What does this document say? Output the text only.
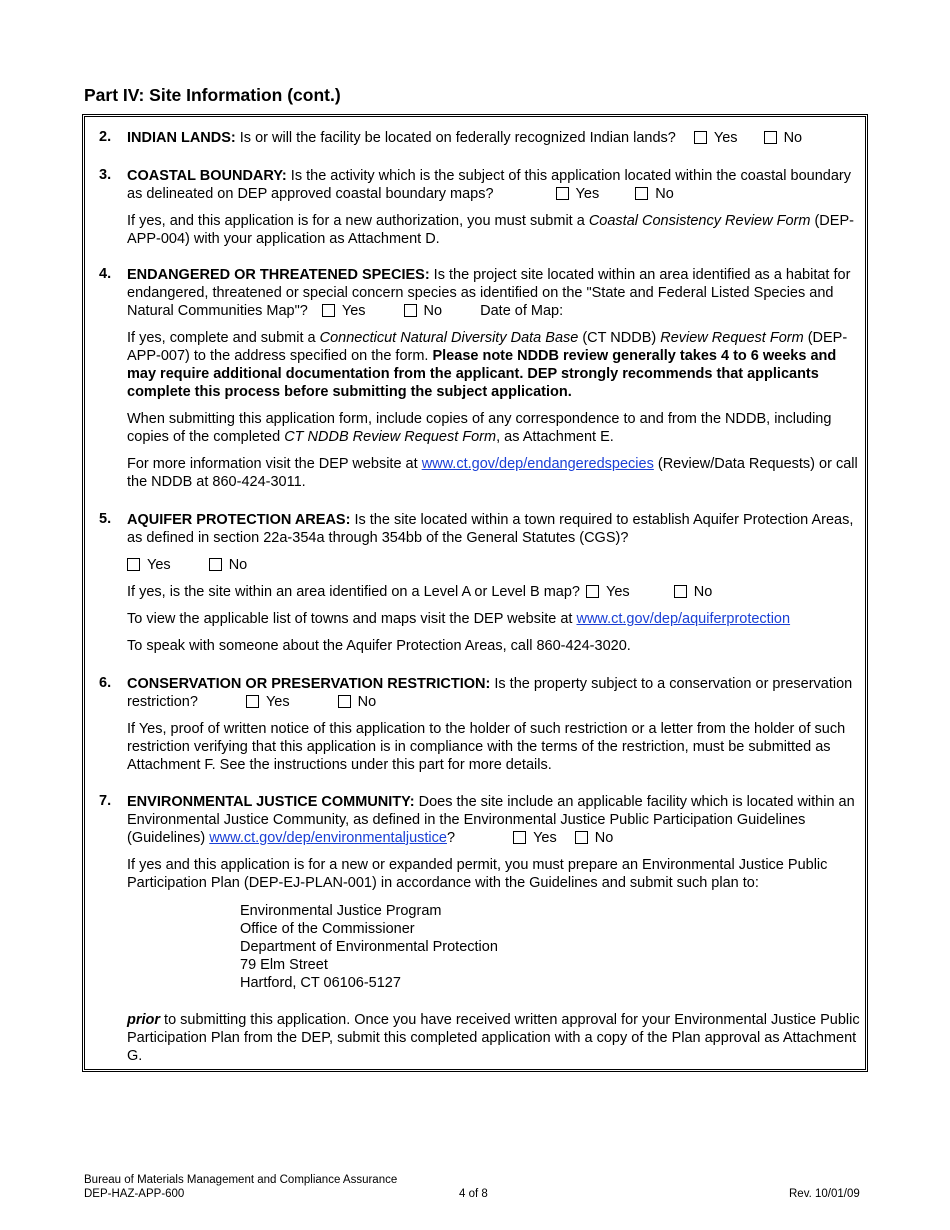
Part IV: Site Information (cont.)
2. INDIAN LANDS: Is or will the facility be located on federally recognized Indian lands?	Yes	No
3. COASTAL BOUNDARY: Is the activity which is the subject of this application located within the coastal boundary as delineated on DEP approved coastal boundary maps?	Yes	No

If yes, and this application is for a new authorization, you must submit a Coastal Consistency Review Form (DEP-APP-004) with your application as Attachment D.

4. ENDANGERED OR THREATENED SPECIES: Is the project site located within an area identified as a habitat for endangered, threatened or special concern species as identified on the "State and Federal Listed Species and Natural Communities Map"? Yes	No	Date of Map:

If yes, complete and submit a Connecticut Natural Diversity Data Base (CT NDDB) Review Request Form (DEP-APP-007) to the address specified on the form. Please note NDDB review generally takes 4 to 6 weeks and may require additional documentation from the applicant. DEP strongly recommends that applicants complete this process before submitting the subject application.

When submitting this application form, include copies of any correspondence to and from the NDDB, including copies of the completed CT NDDB Review Request Form, as Attachment E.

For more information visit the DEP website at www.ct.gov/dep/endangeredspecies (Review/Data Requests) or call the NDDB at 860-424-3011.

5. AQUIFER PROTECTION AREAS: Is the site located within a town required to establish Aquifer Protection Areas, as defined in section 22a-354a through 354bb of the General Statutes (CGS)?

Yes	No

If yes, is the site within an area identified on a Level A or Level B map? Yes	No

To view the applicable list of towns and maps visit the DEP website at www.ct.gov/dep/aquiferprotection

To speak with someone about the Aquifer Protection Areas, call 860-424-3020.

6. CONSERVATION OR PRESERVATION RESTRICTION: Is the property subject to a conservation or preservation restriction?	Yes	No

If Yes, proof of written notice of this application to the holder of such restriction or a letter from the holder of such restriction verifying that this application is in compliance with the terms of the restriction, must be submitted as Attachment F. See the instructions under this part for more details.

7. ENVIRONMENTAL JUSTICE COMMUNITY: Does the site include an applicable facility which is located within an Environmental Justice Community, as defined in the Environmental Justice Public Participation Guidelines (Guidelines) www.ct.gov/dep/environmentaljustice?	Yes	No

If yes and this application is for a new or expanded permit, you must prepare an Environmental Justice Public Participation Plan (DEP-EJ-PLAN-001) in accordance with the Guidelines and submit such plan to:

Environmental Justice Program
Office of the Commissioner
Department of Environmental Protection
79 Elm Street
Hartford, CT 06106-5127

prior to submitting this application. Once you have received written approval for your Environmental Justice Public Participation Plan from the DEP, submit this completed application with a copy of the Plan approval as Attachment G.

Bureau of Materials Management and Compliance Assurance
DEP-HAZ-APP-600	4 of 8	Rev. 10/01/09
